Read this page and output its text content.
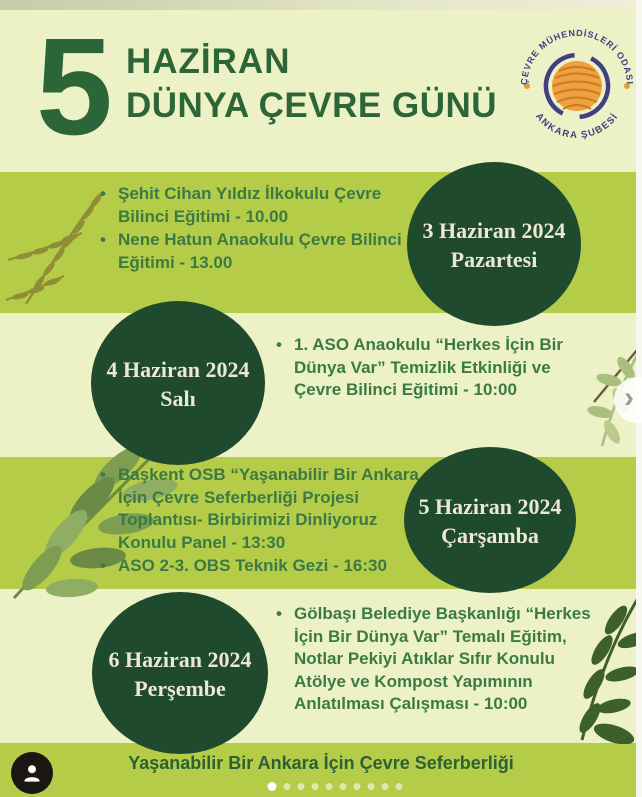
5 HAZİRAN
DÜNYA ÇEVRE GÜNÜ
ÇEVRE MÜHENDİSLERİ ODASI
ANKARA ŞUBESİ
3 Haziran 2024
Pazartesi
4 Haziran 2024
Salı
5 Haziran 2024
Çarşamba
6 Haziran 2024
Perşembe
• Şehit Cihan Yıldız İlkokulu Çevre Bilinci Eğitimi - 10.00
• Nene Hatun Anaokulu Çevre Bilinci Eğitimi - 13.00
• 1. ASO Anaokulu “Herkes İçin Bir Dünya Var” Temizlik Etkinliği ve Çevre Bilinci Eğitimi - 10:00
• Başkent OSB “Yaşanabilir Bir Ankara İçin Çevre Seferberliği Projesi Toplantısı- Birbirimizi Dinliyoruz Konulu Panel - 13:30
• ASO 2-3. OBS Teknik Gezi - 16:30
• Gölbaşı Belediye Başkanlığı “Herkes İçin Bir Dünya Var” Temalı Eğitim, Notlar Pekiyi Atıklar Sıfır Konulu Atölye ve Kompost Yapımının Anlatılması Çalışması - 10:00
Yaşanabilir Bir Ankara İçin Çevre Seferberliği
›
